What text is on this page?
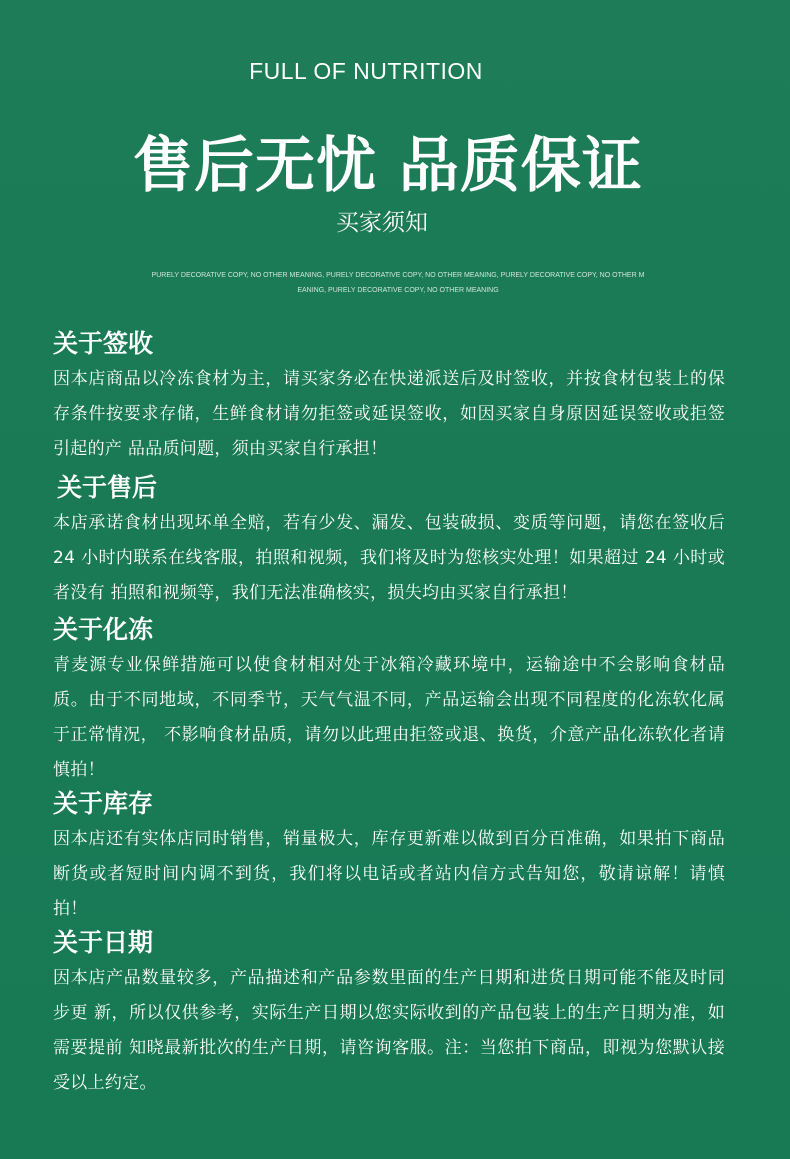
FULL OF NUTRITION
售后无忧 品质保证
买家须知
PURELY DECORATIVE COPY, NO OTHER MEANING, PURELY DECORATIVE COPY, NO OTHER MEANING, PURELY DECORATIVE COPY, NO OTHER MEANING, PURELY DECORATIVE COPY, NO OTHER MEANING
关于签收

因本店商品以冷冻食材为主，请买家务必在快递派送后及时签收，并按食材包装上的保存条件按要求存储，生鲜食材请勿拒签或延误签收，如因买家自身原因延误签收或拒签引起的产 品品质问题，须由买家自行承担！

关于售后

本店承诺食材出现坏单全赔，若有少发、漏发、包装破损、变质等问题，请您在签收后24 小时内联系在线客服，拍照和视频，我们将及时为您核实处理！如果超过 24 小时或者没有 拍照和视频等，我们无法准确核实，损失均由买家自行承担！

关于化冻

青麦源专业保鲜措施可以使食材相对处于冰箱冷藏环境中，运输途中不会影响食材品质。由于不同地域，不同季节，天气气温不同，产品运输会出现不同程度的化冻软化属于正常情况， 不影响食材品质，请勿以此理由拒签或退、换货，介意产品化冻软化者请慎拍！

关于库存

因本店还有实体店同时销售，销量极大，库存更新难以做到百分百准确，如果拍下商品断货或者短时间内调不到货，我们将以电话或者站内信方式告知您，敬请谅解！请慎拍！

关于日期

因本店产品数量较多，产品描述和产品参数里面的生产日期和进货日期可能不能及时同步更 新，所以仅供参考，实际生产日期以您实际收到的产品包装上的生产日期为准，如需要提前 知晓最新批次的生产日期，请咨询客服。注：当您拍下商品，即视为您默认接受以上约定。
